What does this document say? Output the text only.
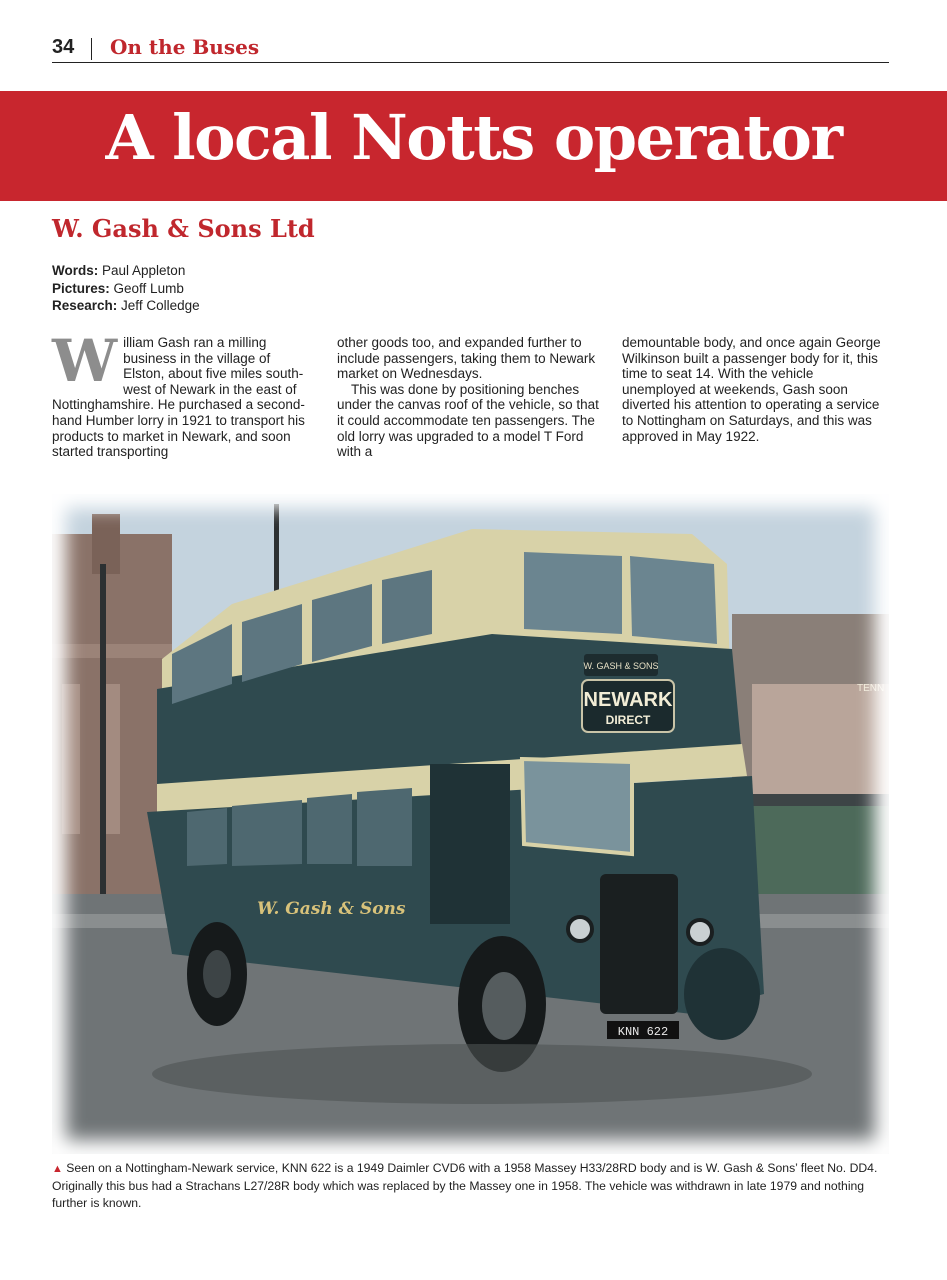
34 On the Buses
A local Notts operator
W. Gash & Sons Ltd
Words: Paul Appleton
Pictures: Geoff Lumb
Research: Jeff Colledge
W illiam Gash ran a milling business in the village of Elston, about five miles south-west of Newark in the east of Nottinghamshire. He purchased a second-hand Humber lorry in 1921 to transport his products to market in Newark, and soon started transporting

other goods too, and expanded further to include passengers, taking them to Newark market on Wednesdays.

This was done by positioning benches under the canvas roof of the vehicle, so that it could accommodate ten passengers. The old lorry was upgraded to a model T Ford with a

demountable body, and once again George Wilkinson built a passenger body for it, this time to seat 14. With the vehicle unemployed at weekends, Gash soon diverted his attention to operating a service to Nottingham on Saturdays, and this was approved in May 1922.

TENN
W. GASH & SONS
NEWARK
DIRECT
W. Gash & Sons
KNN 622
▲ Seen on a Nottingham-Newark service, KNN 622 is a 1949 Daimler CVD6 with a 1958 Massey H33/28RD body and is W. Gash & Sons’ fleet No. DD4. Originally this bus had a Strachans L27/28R body which was replaced by the Massey one in 1958. The vehicle was withdrawn in late 1979 and nothing further is known.
